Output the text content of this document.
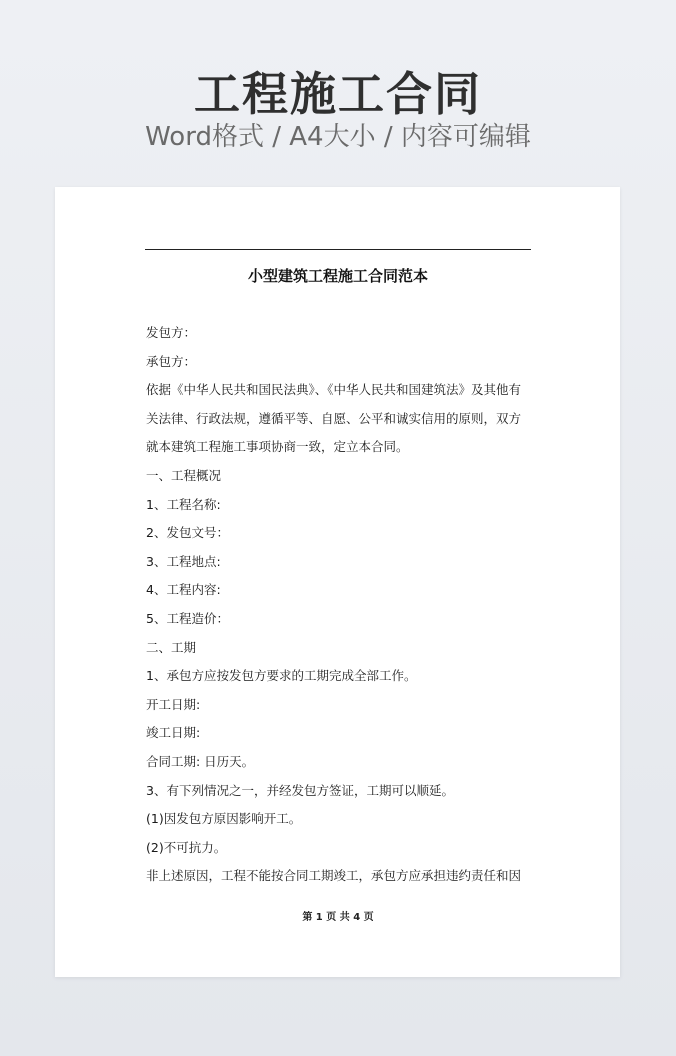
工程施工合同
Word格式 / A4大小 / 内容可编辑
小型建筑工程施工合同范本
发包方：
承包方：
依据《中华人民共和国民法典》、《中华人民共和国建筑法》及其他有
关法律、行政法规，遵循平等、自愿、公平和诚实信用的原则，双方
就本建筑工程施工事项协商一致，定立本合同。
一、工程概况
1、工程名称:
2、发包文号：
3、工程地点:
4、工程内容:
5、工程造价：
二、工期
1、承包方应按发包方要求的工期完成全部工作。
开工日期:
竣工日期:
合同工期: 日历天。
3、有下列情况之一，并经发包方签证，工期可以顺延。
(1)因发包方原因影响开工。
(2)不可抗力。
非上述原因，工程不能按合同工期竣工，承包方应承担违约责任和因
第 1 页 共 4 页
